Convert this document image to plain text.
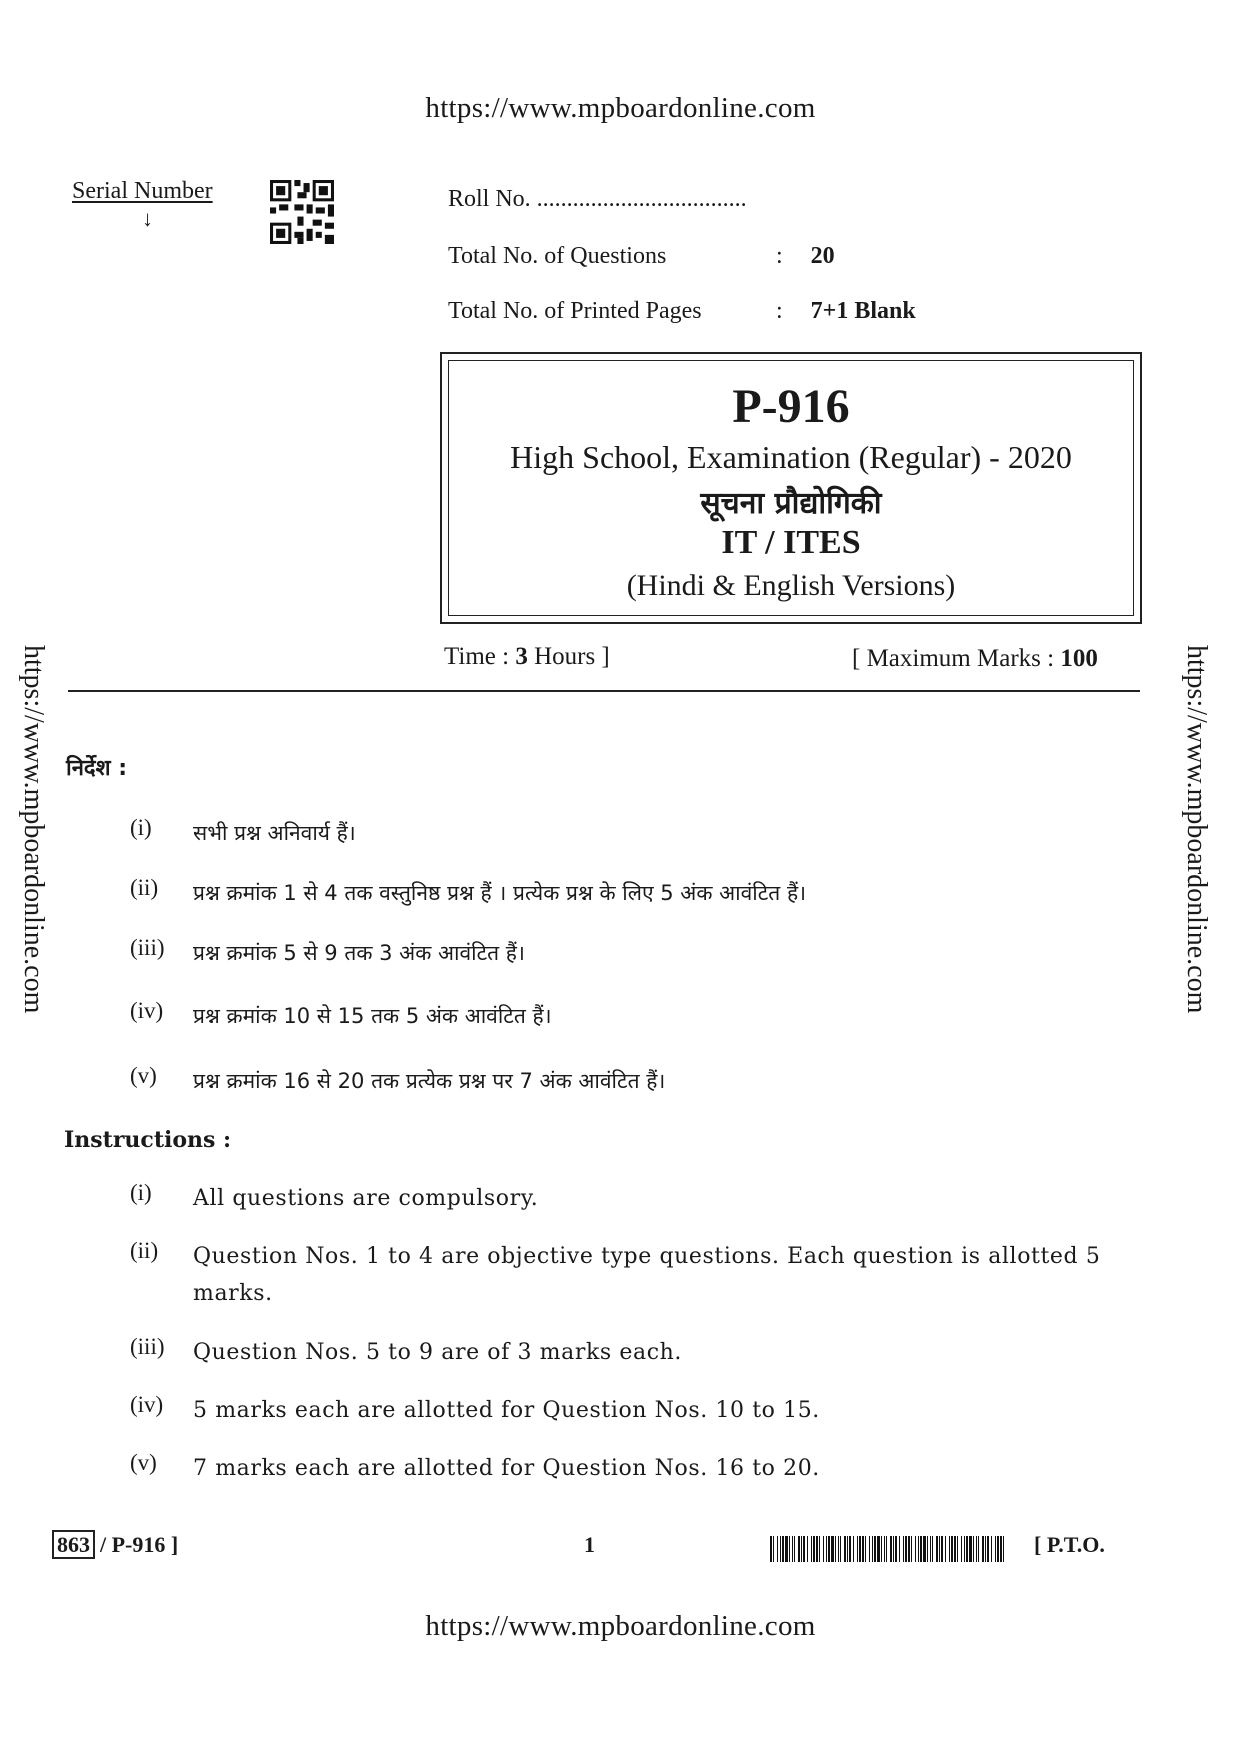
https://www.mpboardonline.com
https://www.mpboardonline.com	https://www.mpboardonline.com
Serial Number
↓
Roll No. ...................................
Total No. of Questions	: 20
Total No. of Printed Pages	: 7+1 Blank
P-916
High School, Examination (Regular) - 2020
सूचना प्रौद्योगिकी
IT / ITES
(Hindi & English Versions)
Time : 3 Hours ]	[ Maximum Marks : 100
निर्देश :
(i)	सभी प्रश्न अनिवार्य हैं।
(ii)	प्रश्न क्रमांक 1 से 4 तक वस्तुनिष्ठ प्रश्न हैं । प्रत्येक प्रश्न के लिए 5 अंक आवंटित हैं।
(iii)	प्रश्न क्रमांक 5 से 9 तक 3 अंक आवंटित हैं।
(iv)	प्रश्न क्रमांक 10 से 15 तक 5 अंक आवंटित हैं।
(v)	प्रश्न क्रमांक 16 से 20 तक प्रत्येक प्रश्न पर 7 अंक आवंटित हैं।
Instructions :
(i)	All questions are compulsory.
(ii)	Question Nos. 1 to 4 are objective type questions. Each question is allotted 5 marks.
(iii)	Question Nos. 5 to 9 are of 3 marks each.
(iv)	5 marks each are allotted for Question Nos. 10 to 15.
(v)	7 marks each are allotted for Question Nos. 16 to 20.
863 / P-916 ]	1	[ P.T.O.
https://www.mpboardonline.com
